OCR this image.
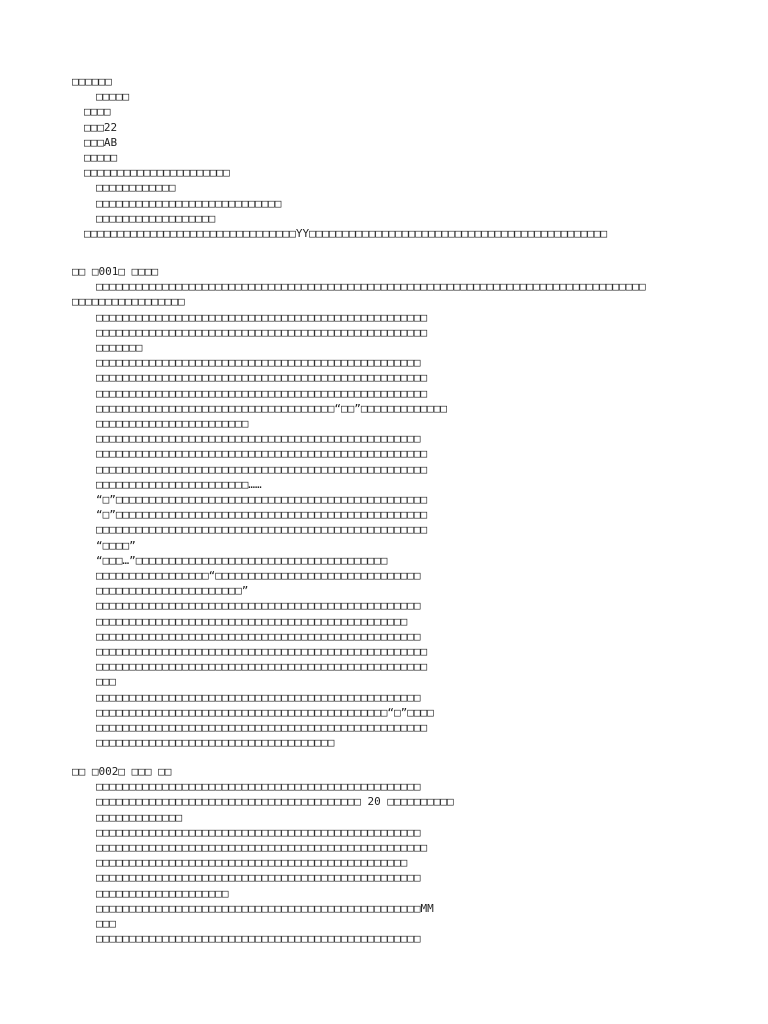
□□□□□□
□□□□□
□□□□
□□□22
□□□AB
□□□□□
□□□□□□□□□□□□□□□□□□□□□□
□□□□□□□□□□□□
□□□□□□□□□□□□□□□□□□□□□□□□□□□□
□□□□□□□□□□□□□□□□□□
□□□□□□□□□□□□□□□□□□□□□□□□□□□□□□□□YY□□□□□□□□□□□□□□□□□□□□□□□□□□□□□□□□□□□□□□□□□□□□□
□□ □001□ □□□□
□□□□□□□□□□□□□□□□□□□□□□□□□□□□□□□□□□□□□□□□□□□□□□□□□□□□□□□□□□□□□□□□□□□□□□□□□□□□□□□□□□□
□□□□□□□□□□□□□□□□□
□□□□□□□□□□□□□□□□□□□□□□□□□□□□□□□□□□□□□□□□□□□□□□□□□□
□□□□□□□□□□□□□□□□□□□□□□□□□□□□□□□□□□□□□□□□□□□□□□□□□□
□□□□□□□
□□□□□□□□□□□□□□□□□□□□□□□□□□□□□□□□□□□□□□□□□□□□□□□□□
□□□□□□□□□□□□□□□□□□□□□□□□□□□□□□□□□□□□□□□□□□□□□□□□□□
□□□□□□□□□□□□□□□□□□□□□□□□□□□□□□□□□□□□□□□□□□□□□□□□□□
□□□□□□□□□□□□□□□□□□□□□□□□□□□□□□□□□□□□“□□”□□□□□□□□□□□□□
□□□□□□□□□□□□□□□□□□□□□□□
□□□□□□□□□□□□□□□□□□□□□□□□□□□□□□□□□□□□□□□□□□□□□□□□□
□□□□□□□□□□□□□□□□□□□□□□□□□□□□□□□□□□□□□□□□□□□□□□□□□□
□□□□□□□□□□□□□□□□□□□□□□□□□□□□□□□□□□□□□□□□□□□□□□□□□□
□□□□□□□□□□□□□□□□□□□□□□□……
“□”□□□□□□□□□□□□□□□□□□□□□□□□□□□□□□□□□□□□□□□□□□□□□□□
“□”□□□□□□□□□□□□□□□□□□□□□□□□□□□□□□□□□□□□□□□□□□□□□□□
□□□□□□□□□□□□□□□□□□□□□□□□□□□□□□□□□□□□□□□□□□□□□□□□□□
“□□□□”
“□□□…”□□□□□□□□□□□□□□□□□□□□□□□□□□□□□□□□□□□□□□
□□□□□□□□□□□□□□□□□“□□□□□□□□□□□□□□□□□□□□□□□□□□□□□□□
□□□□□□□□□□□□□□□□□□□□□□”
□□□□□□□□□□□□□□□□□□□□□□□□□□□□□□□□□□□□□□□□□□□□□□□□□
□□□□□□□□□□□□□□□□□□□□□□□□□□□□□□□□□□□□□□□□□□□□□□□
□□□□□□□□□□□□□□□□□□□□□□□□□□□□□□□□□□□□□□□□□□□□□□□□□
□□□□□□□□□□□□□□□□□□□□□□□□□□□□□□□□□□□□□□□□□□□□□□□□□□
□□□□□□□□□□□□□□□□□□□□□□□□□□□□□□□□□□□□□□□□□□□□□□□□□□
□□□
□□□□□□□□□□□□□□□□□□□□□□□□□□□□□□□□□□□□□□□□□□□□□□□□□
□□□□□□□□□□□□□□□□□□□□□□□□□□□□□□□□□□□□□□□□□□□□“□”□□□□
□□□□□□□□□□□□□□□□□□□□□□□□□□□□□□□□□□□□□□□□□□□□□□□□□□
□□□□□□□□□□□□□□□□□□□□□□□□□□□□□□□□□□□□
□□ □002□ □□□ □□
□□□□□□□□□□□□□□□□□□□□□□□□□□□□□□□□□□□□□□□□□□□□□□□□□
□□□□□□□□□□□□□□□□□□□□□□□□□□□□□□□□□□□□□□□□ 20 □□□□□□□□□□
□□□□□□□□□□□□□
□□□□□□□□□□□□□□□□□□□□□□□□□□□□□□□□□□□□□□□□□□□□□□□□□
□□□□□□□□□□□□□□□□□□□□□□□□□□□□□□□□□□□□□□□□□□□□□□□□□□
□□□□□□□□□□□□□□□□□□□□□□□□□□□□□□□□□□□□□□□□□□□□□□□
□□□□□□□□□□□□□□□□□□□□□□□□□□□□□□□□□□□□□□□□□□□□□□□□□
□□□□□□□□□□□□□□□□□□□□
□□□□□□□□□□□□□□□□□□□□□□□□□□□□□□□□□□□□□□□□□□□□□□□□□MM
□□□
□□□□□□□□□□□□□□□□□□□□□□□□□□□□□□□□□□□□□□□□□□□□□□□□□
